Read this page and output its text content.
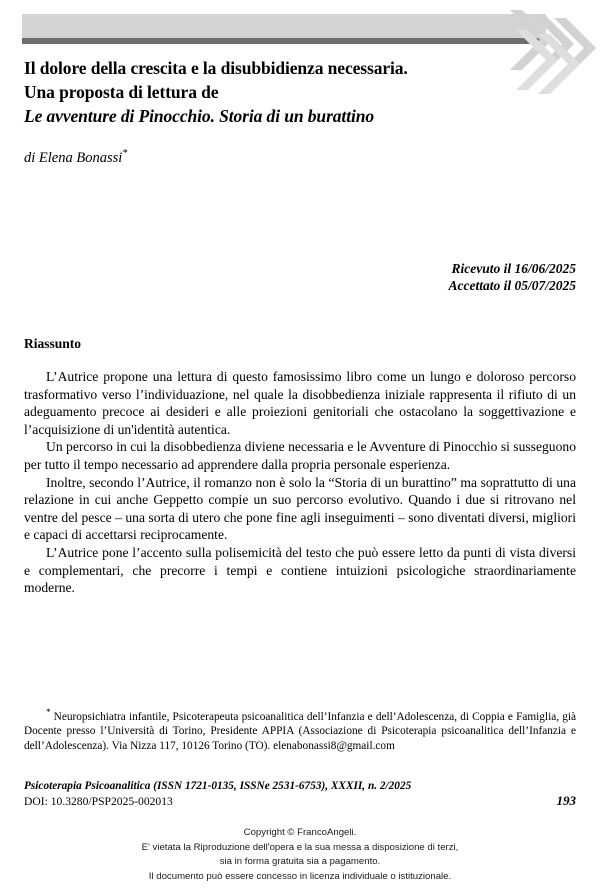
Il dolore della crescita e la disubbidienza necessaria.
Una proposta di lettura de
Le avventure di Pinocchio. Storia di un burattino
di Elena Bonassi*
Ricevuto il 16/06/2025
Accettato il 05/07/2025
Riassunto

L’Autrice propone una lettura di questo famosissimo libro come un lungo e doloroso percorso trasformativo verso l’individuazione, nel quale la disobbedienza iniziale rappresenta il rifiuto di un adeguamento precoce ai desideri e alle proiezioni genitoriali che ostacolano la soggettivazione e l’acquisizione di un'identità autentica.

Un percorso in cui la disobbedienza diviene necessaria e le Avventure di Pinocchio si susseguono per tutto il tempo necessario ad apprendere dalla propria personale esperienza.

Inoltre, secondo l’Autrice, il romanzo non è solo la “Storia di un burattino” ma soprattutto di una relazione in cui anche Geppetto compie un suo percorso evolutivo. Quando i due si ritrovano nel ventre del pesce – una sorta di utero che pone fine agli inseguimenti – sono diventati diversi, migliori e capaci di accettarsi reciprocamente.

L’Autrice pone l’accento sulla polisemicità del testo che può essere letto da punti di vista diversi e complementari, che precorre i tempi e contiene intuizioni psicologiche straordinariamente moderne.

* Neuropsichiatra infantile, Psicoterapeuta psicoanalitica dell’Infanzia e dell’Adolescenza, di Coppia e Famiglia, già Docente presso l’Università di Torino, Presidente APPIA (Associazione di Psicoterapia psicoanalitica dell’Infanzia e dell’Adolescenza). Via Nizza 117, 10126 Torino (TO). elenabonassi8@gmail.com

Psicoterapia Psicoanalitica (ISSN 1721-0135, ISSNe 2531-6753), XXXII, n. 2/2025
DOI: 10.3280/PSP2025-002013	193
Copyright © FrancoAngeli.
E' vietata la Riproduzione dell'opera e la sua messa a disposizione di terzi,
sia in forma gratuita sia a pagamento.
Il documento può essere concesso in licenza individuale o istituzionale.
